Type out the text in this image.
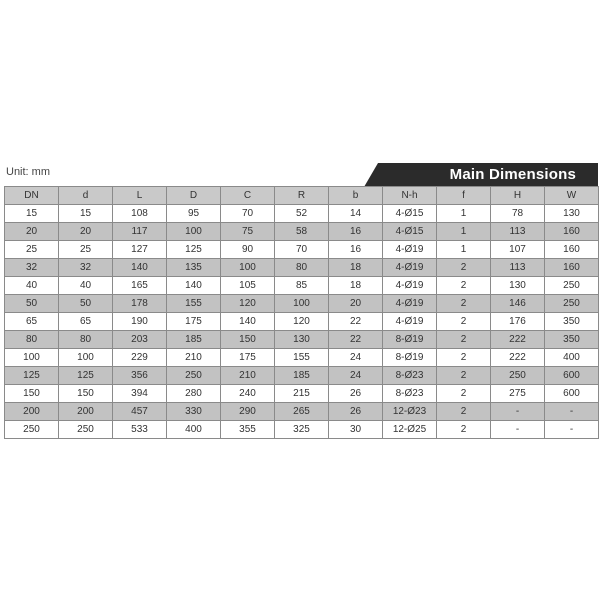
Unit: mm	Main Dimensions
DN	d	L	D	C	R	b	N-h	f	H	W
15	15	108	95	70	52	14	4-Ø15	1	78	130
20	20	117	100	75	58	16	4-Ø15	1	113	160
25	25	127	125	90	70	16	4-Ø19	1	107	160
32	32	140	135	100	80	18	4-Ø19	2	113	160
40	40	165	140	105	85	18	4-Ø19	2	130	250
50	50	178	155	120	100	20	4-Ø19	2	146	250
65	65	190	175	140	120	22	4-Ø19	2	176	350
80	80	203	185	150	130	22	8-Ø19	2	222	350
100	100	229	210	175	155	24	8-Ø19	2	222	400
125	125	356	250	210	185	24	8-Ø23	2	250	600
150	150	394	280	240	215	26	8-Ø23	2	275	600
200	200	457	330	290	265	26	12-Ø23	2	-	-
250	250	533	400	355	325	30	12-Ø25	2	-	-
